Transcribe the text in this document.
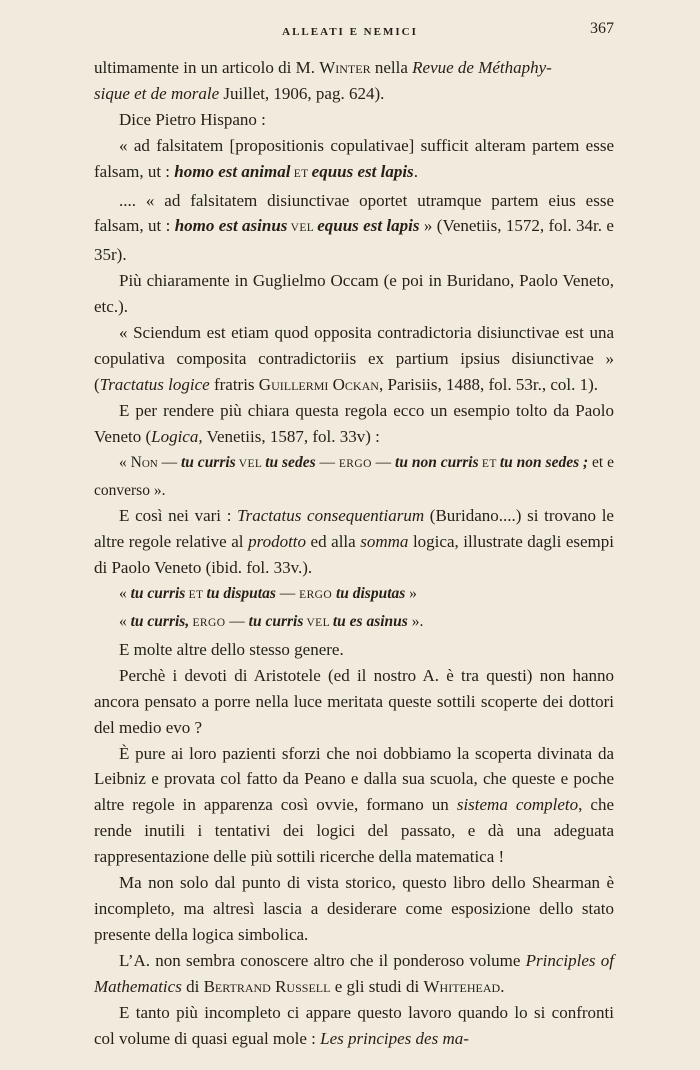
ALLEATI E NEMICI	367

ultimamente in un articolo di M. Winter nella Revue de Méthaphy-

sique et de morale Juillet, 1906, pag. 624).

Dice Pietro Hispano :

« ad falsitatem [propositionis copulativae] sufficit alteram partem esse falsam, ut : homo est animal ET equus est lapis.

.... « ad falsitatem disiunctivae oportet utramque partem eius esse falsam, ut : homo est asinus VEL equus est lapis » (Venetiis, 1572, fol. 34r. e 35r).

Più chiaramente in Guglielmo Occam (e poi in Buridano, Paolo Veneto, etc.).

« Sciendum est etiam quod opposita contradictoria disiunctivae est una copulativa composita contradictoriis ex partium ipsius disiunctivae » (Tractatus logice fratris Guillermi Ockan, Parisiis, 1488, fol. 53r., col. 1).

E per rendere più chiara questa regola ecco un esempio tolto da Paolo Veneto (Logica, Venetiis, 1587, fol. 33v) :

« Non — tu curris VEL tu sedes — ERGO — tu non curris ET tu non sedes ; et e converso ».

E così nei vari : Tractatus consequentiarum (Buridano....) si trovano le altre regole relative al prodotto ed alla somma logica, illustrate dagli esempi di Paolo Veneto (ibid. fol. 33v.).

« tu curris ET tu disputas — ERGO tu disputas »

« tu curris, ERGO — tu curris VEL tu es asinus ».

E molte altre dello stesso genere.

Perchè i devoti di Aristotele (ed il nostro A. è tra questi) non hanno ancora pensato a porre nella luce meritata queste sottili scoperte dei dottori del medio evo ?

È pure ai loro pazienti sforzi che noi dobbiamo la scoperta divinata da Leibniz e provata col fatto da Peano e dalla sua scuola, che queste e poche altre regole in apparenza così ovvie, formano un sistema completo, che rende inutili i tentativi dei logici del passato, e dà una adeguata rappresentazione delle più sottili ricerche della matematica !

Ma non solo dal punto di vista storico, questo libro dello Shearman è incompleto, ma altresì lascia a desiderare come esposizione dello stato presente della logica simbolica.

L’A. non sembra conoscere altro che il ponderoso volume Principles of Mathematics di Bertrand Russell e gli studi di Whitehead.

E tanto più incompleto ci appare questo lavoro quando lo si confronti col volume di quasi egual mole : Les principes des ma-
